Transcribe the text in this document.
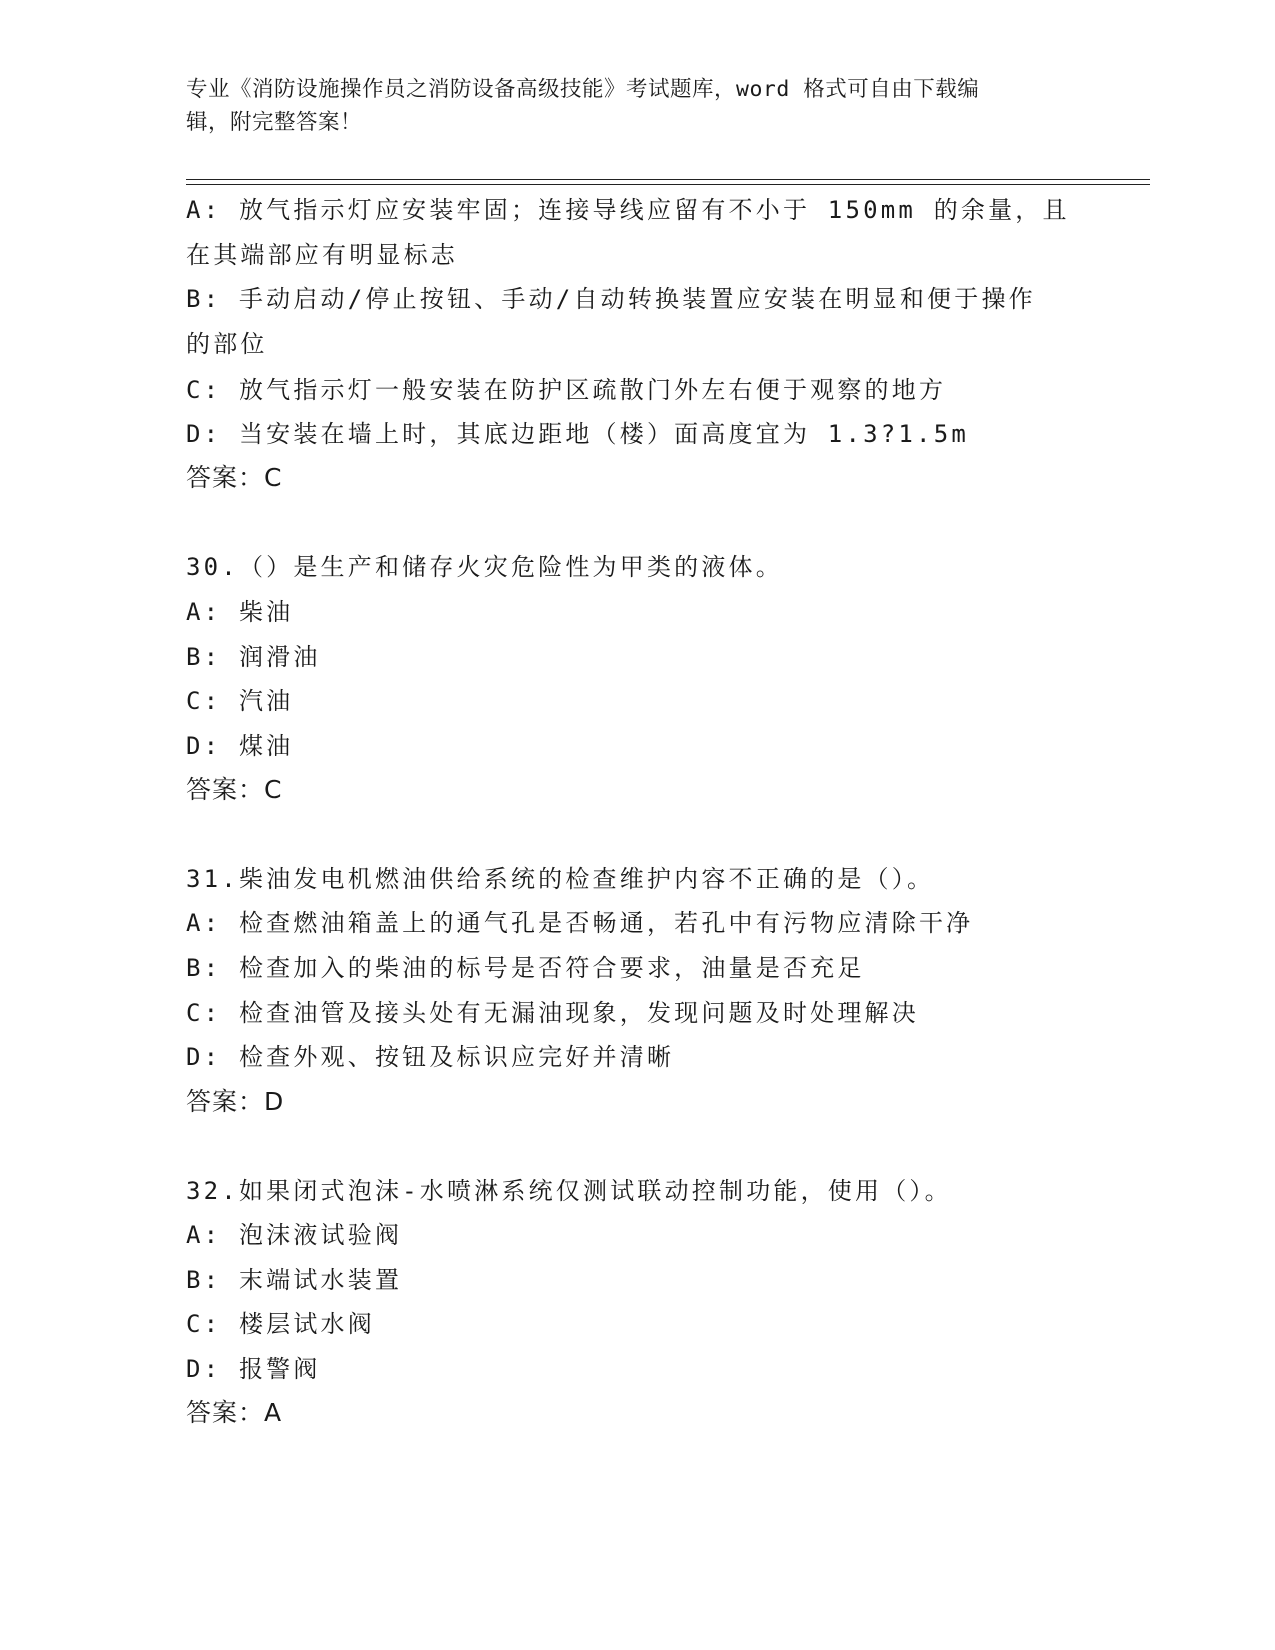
专业《消防设施操作员之消防设备高级技能》考试题库，word 格式可自由下载编
辑，附完整答案！
A: 放气指示灯应安装牢固；连接导线应留有不小于 150mm 的余量，且
在其端部应有明显标志
B: 手动启动/停止按钮、手动/自动转换装置应安装在明显和便于操作
的部位
C: 放气指示灯一般安装在防护区疏散门外左右便于观察的地方
D: 当安装在墙上时，其底边距地（楼）面高度宜为 1.3?1.5m
答案：C
30.（）是生产和储存火灾危险性为甲类的液体。
A: 柴油
B: 润滑油
C: 汽油
D: 煤油
答案：C
31.柴油发电机燃油供给系统的检查维护内容不正确的是（）。
A: 检查燃油箱盖上的通气孔是否畅通，若孔中有污物应清除干净
B: 检查加入的柴油的标号是否符合要求，油量是否充足
C: 检查油管及接头处有无漏油现象，发现问题及时处理解决
D: 检查外观、按钮及标识应完好并清晰
答案：D
32.如果闭式泡沫-水喷淋系统仅测试联动控制功能，使用（）。
A: 泡沫液试验阀
B: 末端试水装置
C: 楼层试水阀
D: 报警阀
答案：A
